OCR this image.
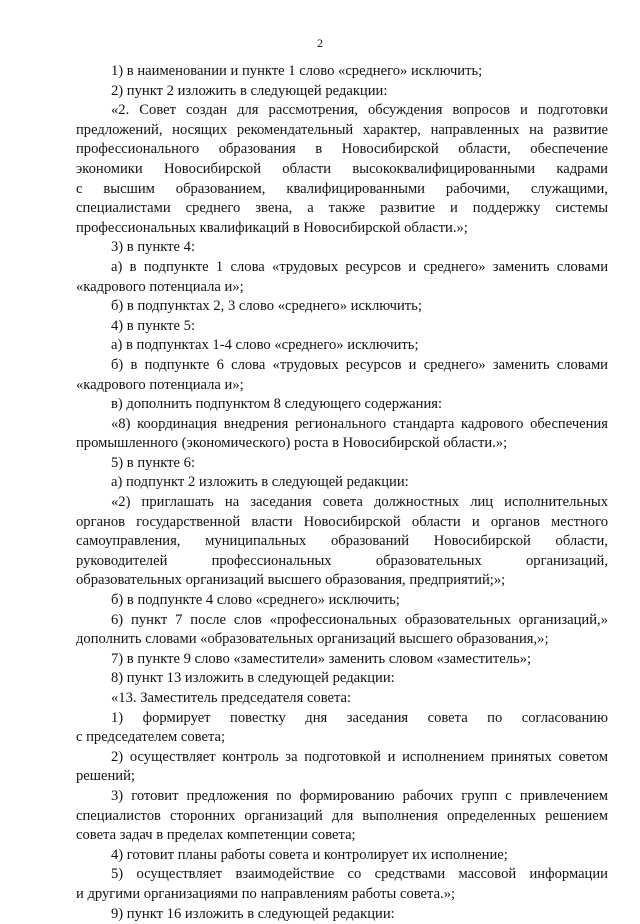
2
1) в наименовании и пункте 1 слово «среднего» исключить;
2) пункт 2 изложить в следующей редакции:
«2. Совет создан для рассмотрения, обсуждения вопросов и подготовки
предложений, носящих рекомендательный характер, направленных на развитие
профессионального образования в Новосибирской области, обеспечение
экономики Новосибирской области высококвалифицированными кадрами
с высшим образованием, квалифицированными рабочими, служащими,
специалистами среднего звена, а также развитие и поддержку системы
профессиональных квалификаций в Новосибирской области.»;
3) в пункте 4:
а) в подпункте 1 слова «трудовых ресурсов и среднего» заменить словами
«кадрового потенциала и»;
б) в подпунктах 2, 3 слово «среднего» исключить;
4) в пункте 5:
а) в подпунктах 1-4 слово «среднего» исключить;
б) в подпункте 6 слова «трудовых ресурсов и среднего» заменить словами
«кадрового потенциала и»;
в) дополнить подпунктом 8 следующего содержания:
«8) координация внедрения регионального стандарта кадрового обеспечения
промышленного (экономического) роста в Новосибирской области.»;
5) в пункте 6:
а) подпункт 2 изложить в следующей редакции:
«2) приглашать на заседания совета должностных лиц исполнительных
органов государственной власти Новосибирской области и органов местного
самоуправления, муниципальных образований Новосибирской области,
руководителей профессиональных образовательных организаций,
образовательных организаций высшего образования, предприятий;»;
б) в подпункте 4 слово «среднего» исключить;
6) пункт 7 после слов «профессиональных образовательных организаций,»
дополнить словами «образовательных организаций высшего образования,»;
7) в пункте 9 слово «заместители» заменить словом «заместитель»;
8) пункт 13 изложить в следующей редакции:
«13. Заместитель председателя совета:
1) формирует повестку дня заседания совета по согласованию
с председателем совета;
2) осуществляет контроль за подготовкой и исполнением принятых советом
решений;
3) готовит предложения по формированию рабочих групп с привлечением
специалистов сторонних организаций для выполнения определенных решением
совета задач в пределах компетенции совета;
4) готовит планы работы совета и контролирует их исполнение;
5) осуществляет взаимодействие со средствами массовой информации
и другими организациями по направлениям работы совета.»;
9) пункт 16 изложить в следующей редакции:
